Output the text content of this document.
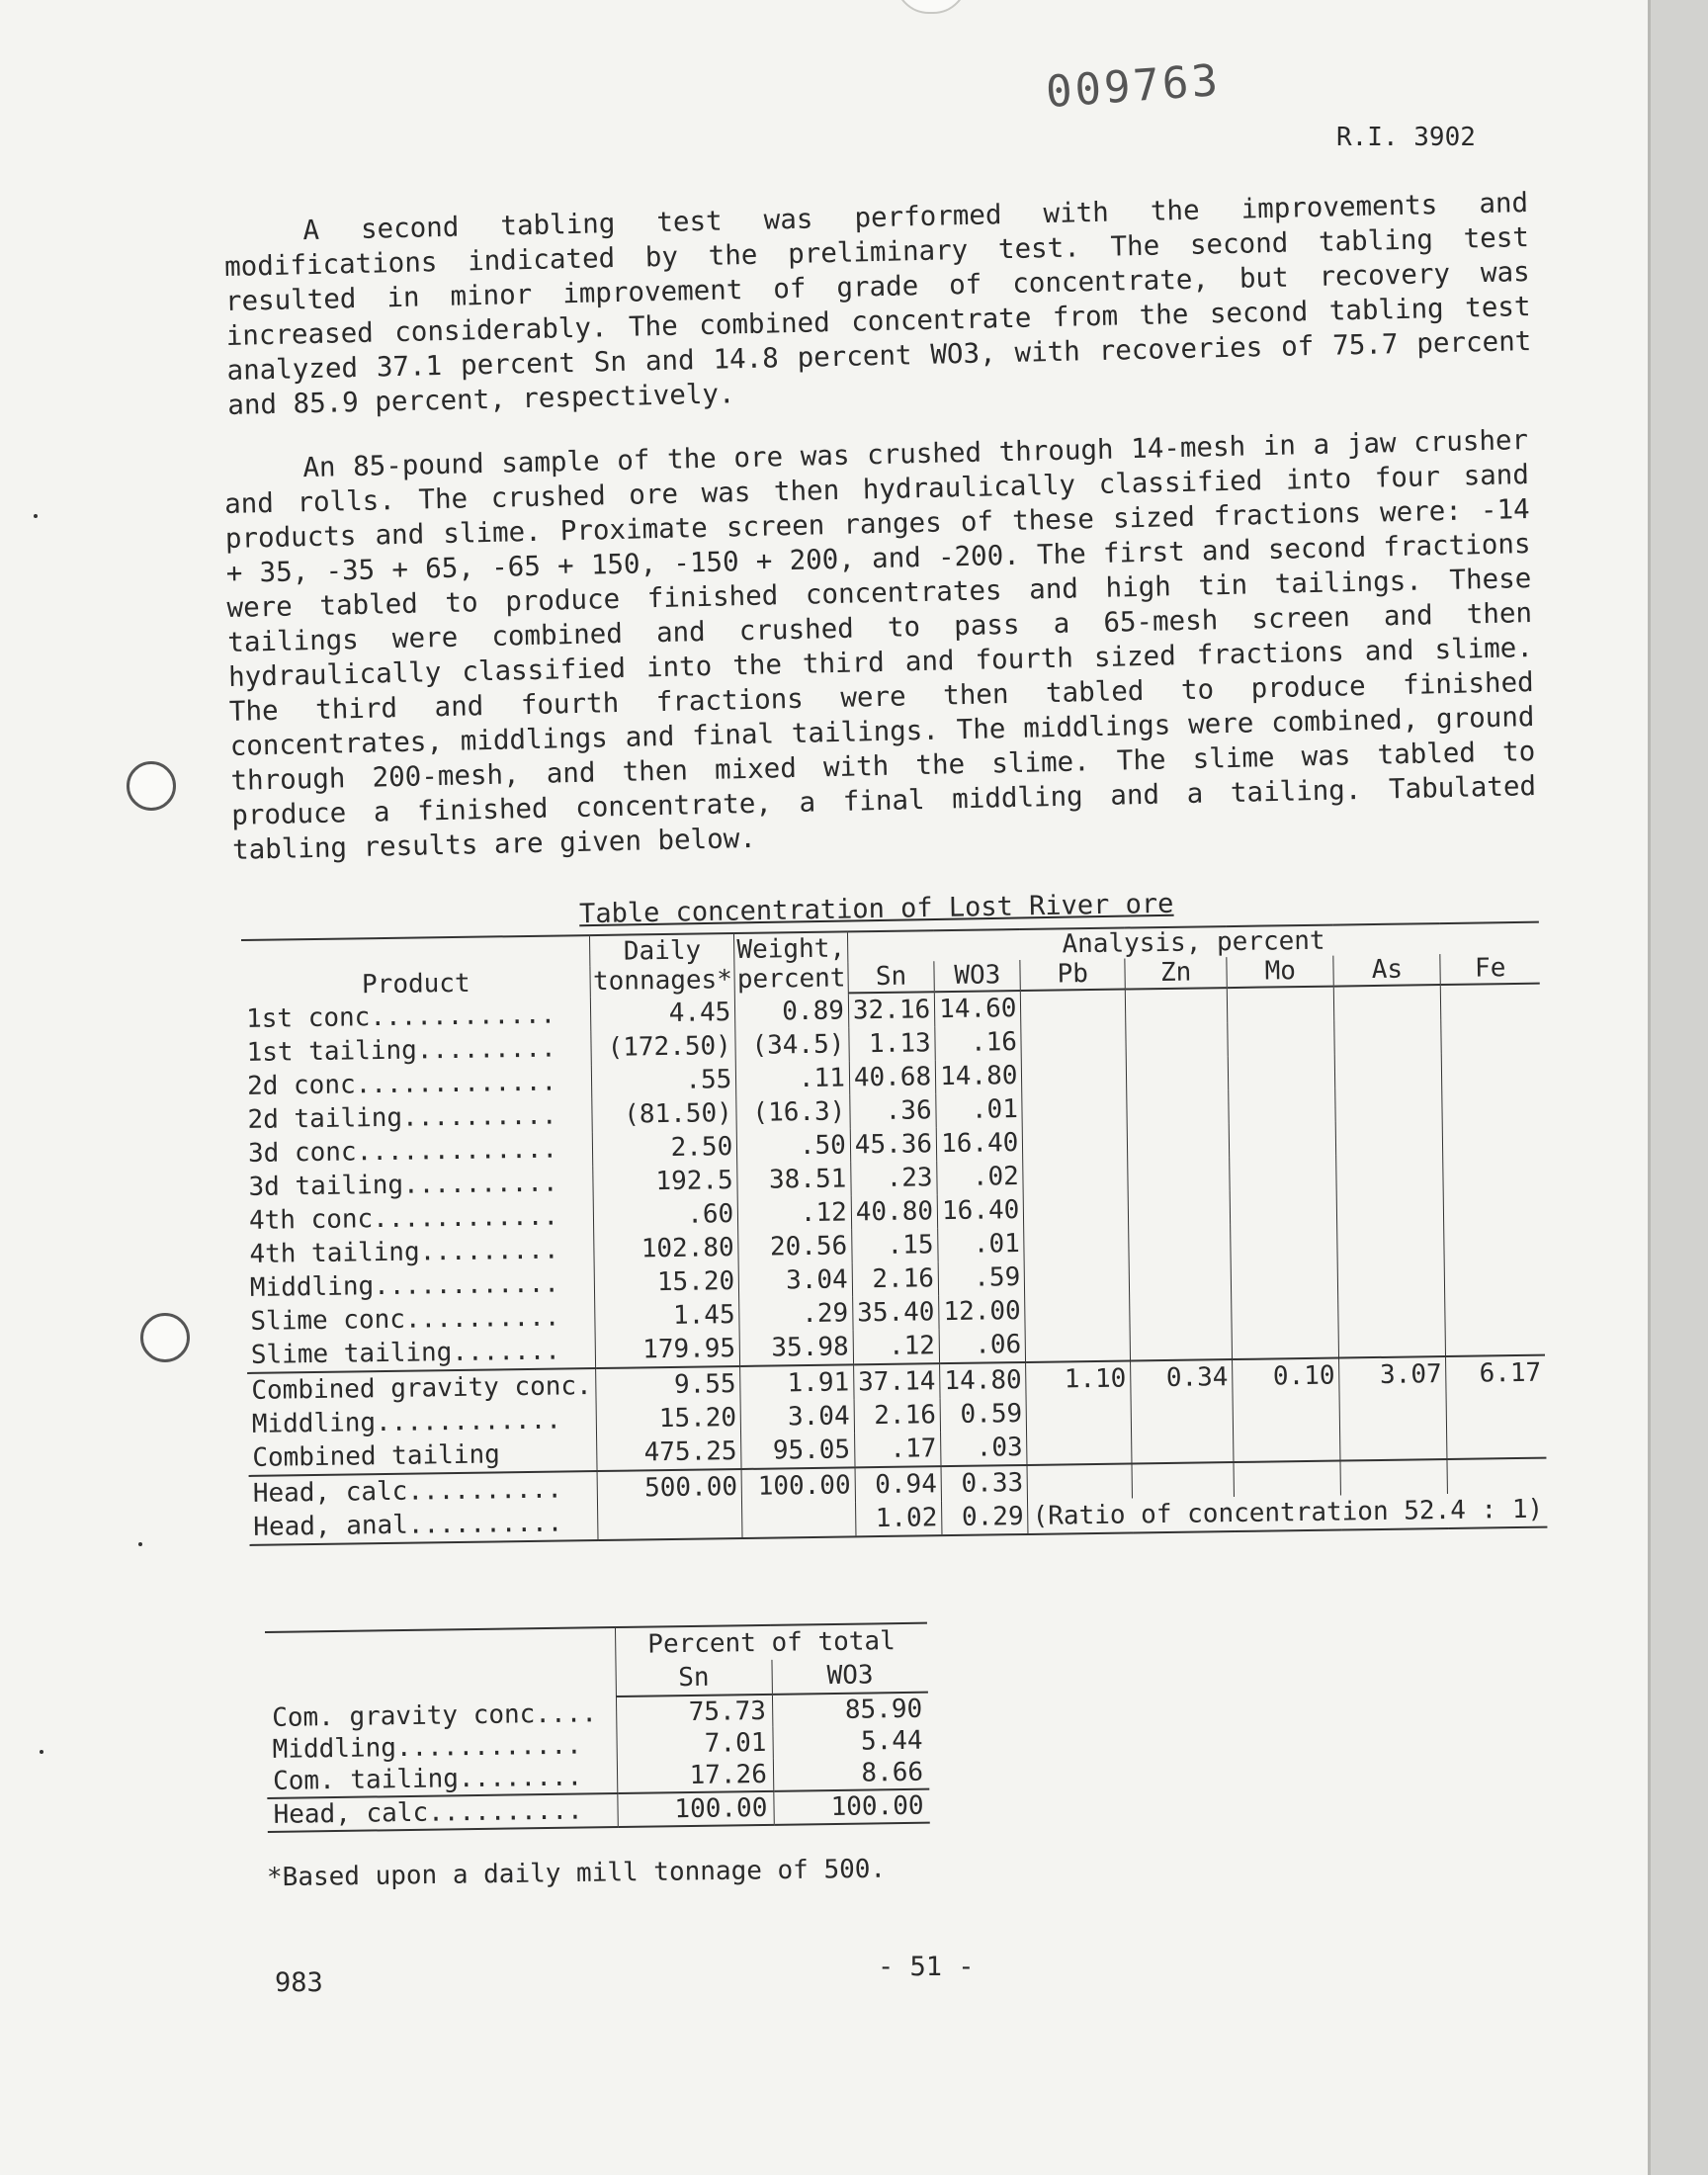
009763
R.I. 3902

A second tabling test was performed with the improvements and modifications indicated by the preliminary test. The second tabling test resulted in minor improvement of grade of concentrate, but recovery was increased considerably. The combined concentrate from the second tabling test analyzed 37.1 percent Sn and 14.8 percent WO3, with recoveries of 75.7 percent and 85.9 percent, respectively.

An 85-pound sample of the ore was crushed through 14-mesh in a jaw crusher and rolls. The crushed ore was then hydraulically classified into four sand products and slime. Proximate screen ranges of these sized fractions were: -14 + 35, -35 + 65, -65 + 150, -150 + 200, and -200. The first and second fractions were tabled to produce finished concentrates and high tin tailings. These tailings were combined and crushed to pass a 65-mesh screen and then hydraulically classified into the third and fourth sized fractions and slime. The third and fourth fractions were then tabled to produce finished concentrates, middlings and final tailings. The middlings were combined, ground through 200-mesh, and then mixed with the slime. The slime was tabled to produce a finished concentrate, a final middling and a tailing. Tabulated tabling results are given below.

Table concentration of Lost River ore
Product	Daily tonnages*	Weight, percent	Analysis, percent						
			Sn	WO3	Pb	Zn	Mo	As	Fe
1st conc............	4.45	0.89	32.16	14.60					
1st tailing.........	(172.50)	(34.5)	1.13	.16					
2d conc.............	.55	.11	40.68	14.80					
2d tailing..........	(81.50)	(16.3)	.36	.01					
3d conc.............	2.50	.50	45.36	16.40					
3d tailing..........	192.5	38.51	.23	.02					
4th conc............	.60	.12	40.80	16.40					
4th tailing.........	102.80	20.56	.15	.01					
Middling............	15.20	3.04	2.16	.59					
Slime conc..........	1.45	.29	35.40	12.00					
Slime tailing.......	179.95	35.98	.12	.06					
Combined gravity conc.	9.55	1.91	37.14	14.80	1.10	0.34	0.10	3.07	6.17
Middling............	15.20	3.04	2.16	0.59					
Combined tailing	475.25	95.05	.17	.03					
Head, calc..........	500.00	100.00	0.94	0.33					
Head, anal..........			1.02	0.29	(Ratio of concentration 52.4 : 1)				
	Percent of total	
	Sn	WO3
Com. gravity conc....	75.73	85.90
Middling............	7.01	5.44
Com. tailing........	17.26	8.66
Head, calc..........	100.00	100.00
*Based upon a daily mill tonnage of 500.
983
- 51 -
